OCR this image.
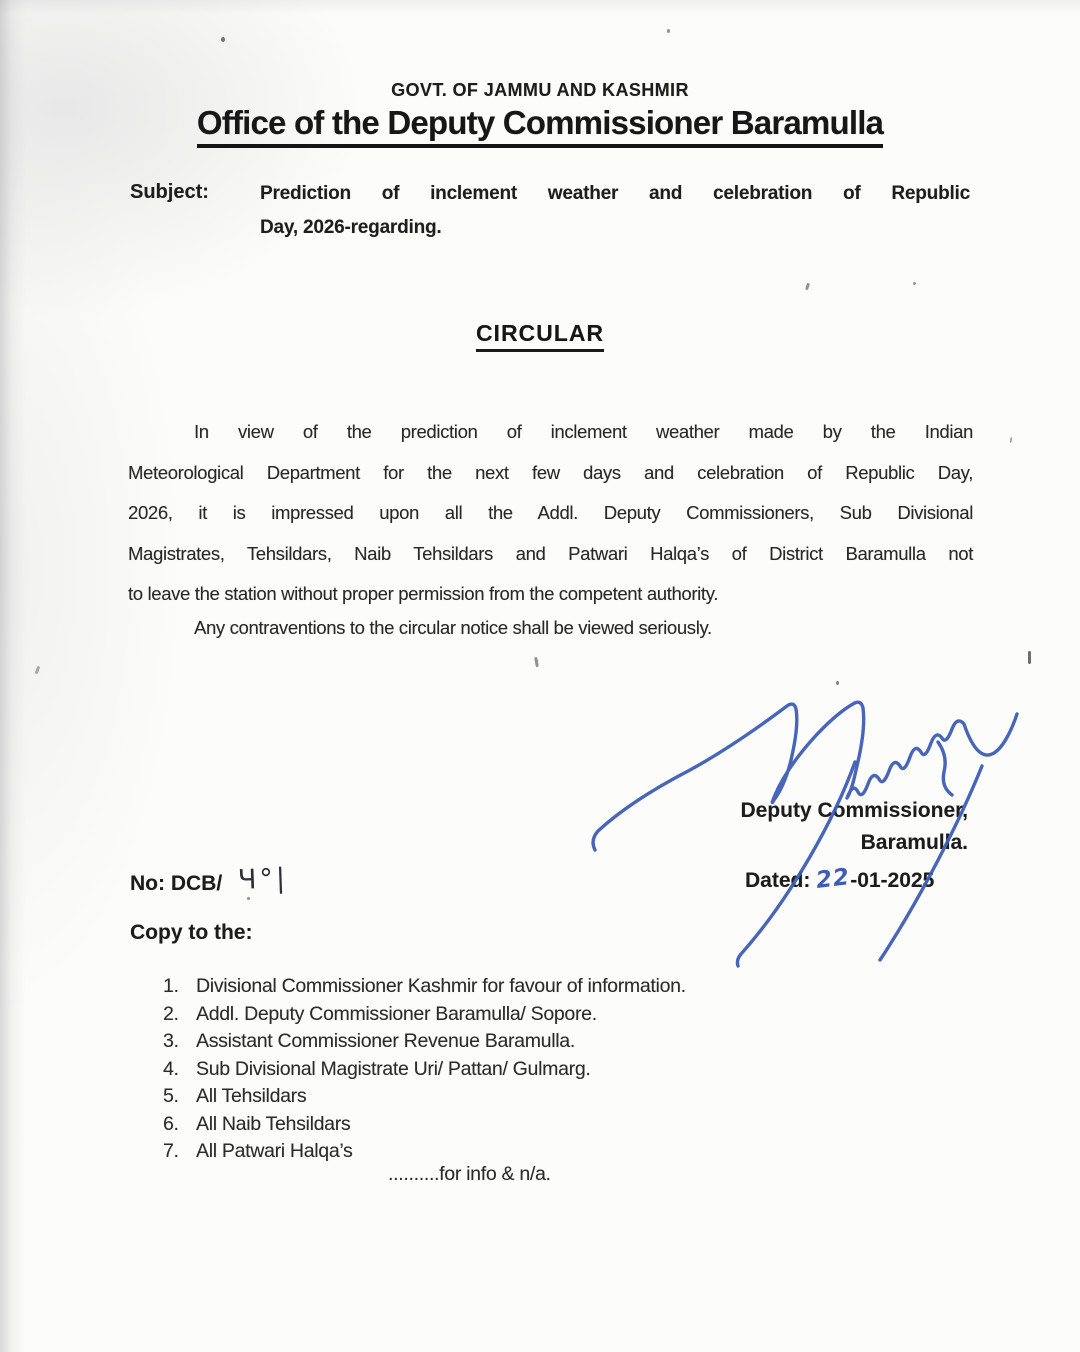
GOVT. OF JAMMU AND KASHMIR
Office of the Deputy Commissioner Baramulla
Subject:	Prediction of inclement weather and celebration of Republic
Day, 2026-regarding.
CIRCULAR
In view of the prediction of inclement weather made by the Indian
Meteorological Department for the next few days and celebration of Republic Day,
2026, it is impressed upon all the Addl. Deputy Commissioners, Sub Divisional
Magistrates, Tehsildars, Naib Tehsildars and Patwari Halqa’s of District Baramulla not
to leave the station without proper permission from the competent authority.
Any contraventions to the circular notice shall be viewed seriously.
Deputy Commissioner,
Baramulla.
No: DCB/ Ч°|	Dated: 22-01-2025
Copy to the:
1. Divisional Commissioner Kashmir for favour of information.
2. Addl. Deputy Commissioner Baramulla/ Sopore.
3. Assistant Commissioner Revenue Baramulla.
4. Sub Divisional Magistrate Uri/ Pattan/ Gulmarg.
5. All Tehsildars
6. All Naib Tehsildars
7. All Patwari Halqa’s
..........for info & n/a.
